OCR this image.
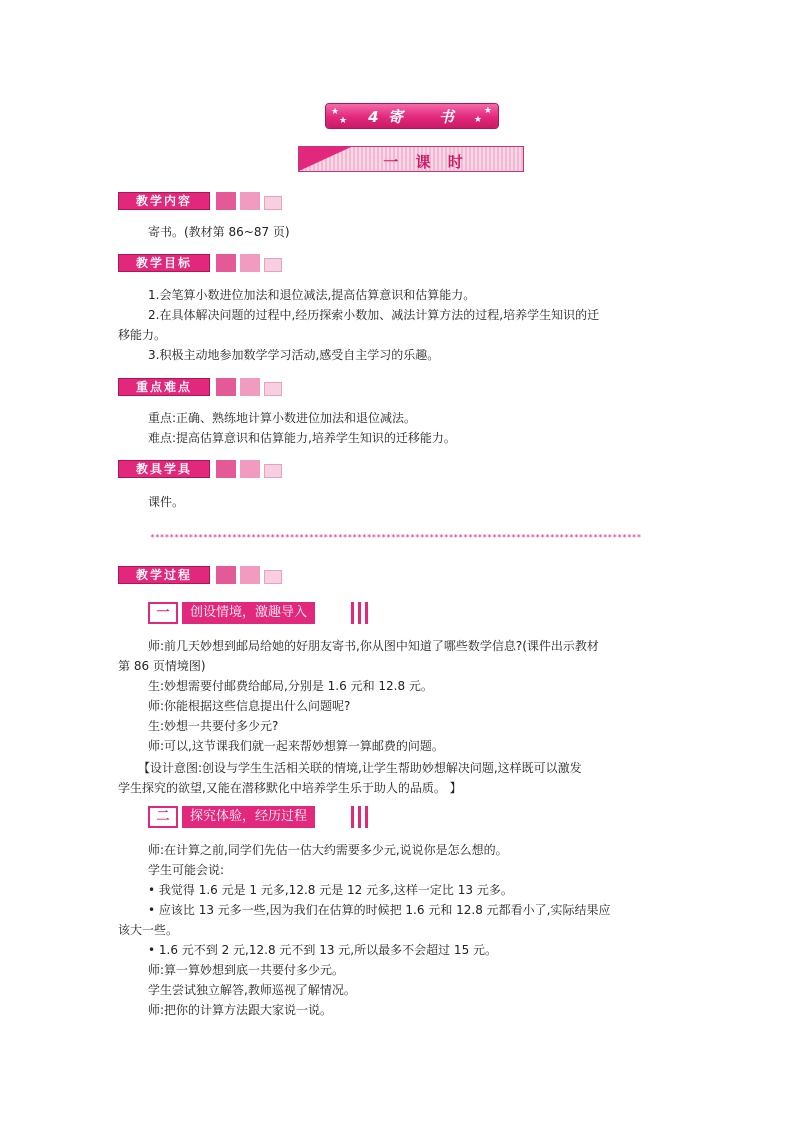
★
★
★
★
4 寄　　书
一 课 时
教学内容
寄书。(教材第 86~87 页)
教学目标
1.会笔算小数进位加法和退位减法,提高估算意识和估算能力。
2.在具体解决问题的过程中,经历探索小数加、减法计算方法的过程,培养学生知识的迁
移能力。
3.积极主动地参加数学学习活动,感受自主学习的乐趣。
重点难点
重点:正确、熟练地计算小数进位加法和退位减法。
难点:提高估算意识和估算能力,培养学生知识的迁移能力。
教具学具
课件。
******************************************************************************************************
教学过程
一	创设情境，激趣导入
师:前几天妙想到邮局给她的好朋友寄书,你从图中知道了哪些数学信息?(课件出示教材
第 86 页情境图)
生:妙想需要付邮费给邮局,分别是 1.6 元和 12.8 元。
师:你能根据这些信息提出什么问题呢?
生:妙想一共要付多少元?
师:可以,这节课我们就一起来帮妙想算一算邮费的问题。
【设计意图:创设与学生生活相关联的情境,让学生帮助妙想解决问题,这样既可以激发
学生探究的欲望,又能在潜移默化中培养学生乐于助人的品质。 】
二	探究体验，经历过程
师:在计算之前,同学们先估一估大约需要多少元,说说你是怎么想的。
学生可能会说:
• 我觉得 1.6 元是 1 元多,12.8 元是 12 元多,这样一定比 13 元多。
• 应该比 13 元多一些,因为我们在估算的时候把 1.6 元和 12.8 元都看小了,实际结果应
该大一些。
• 1.6 元不到 2 元,12.8 元不到 13 元,所以最多不会超过 15 元。
师:算一算妙想到底一共要付多少元。
学生尝试独立解答,教师巡视了解情况。
师:把你的计算方法跟大家说一说。
